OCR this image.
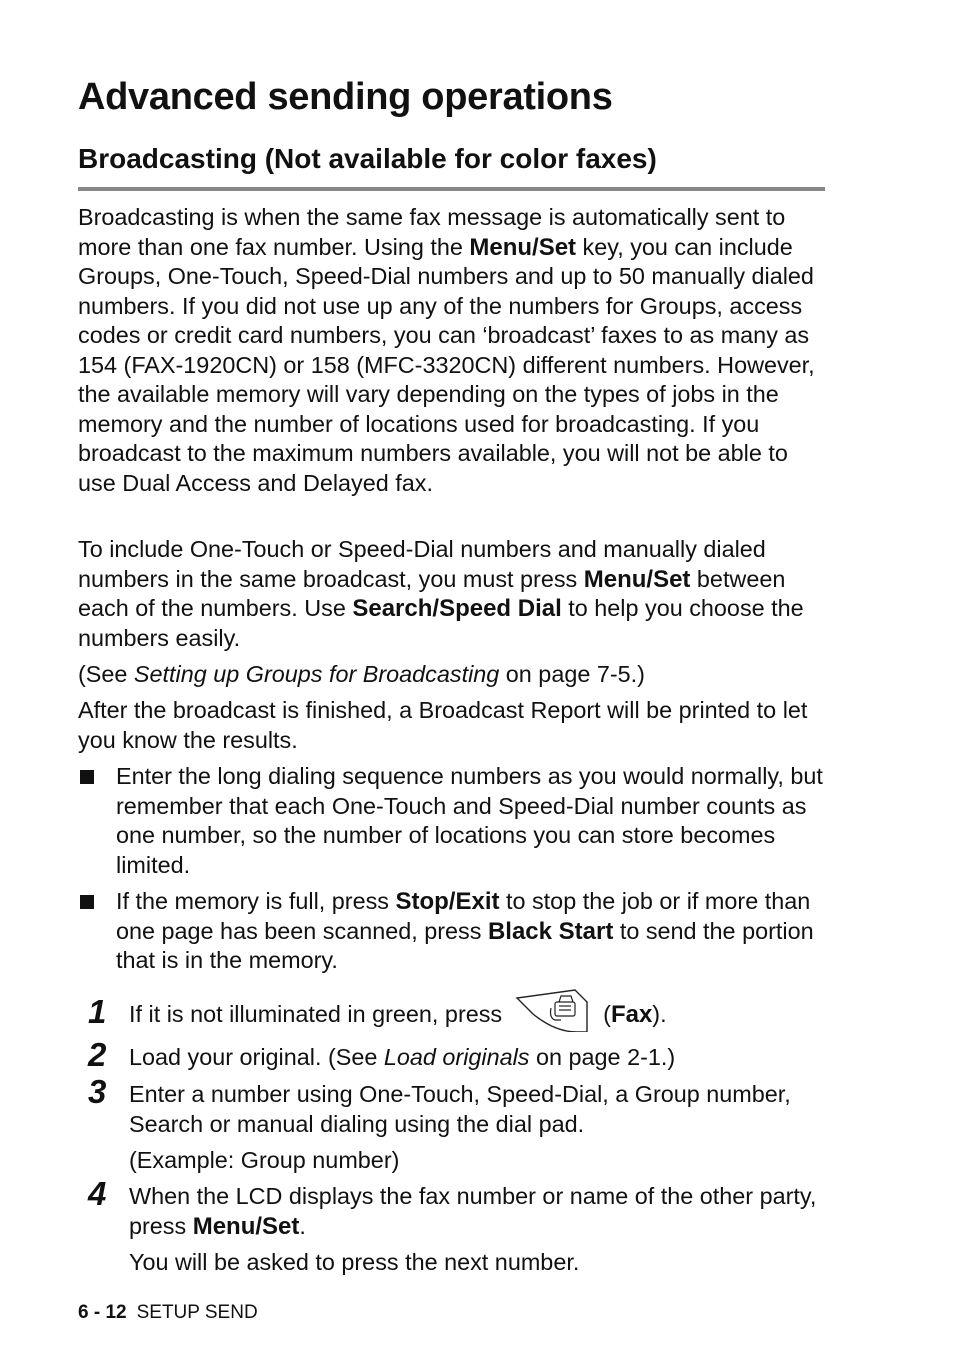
Advanced sending operations
Broadcasting (Not available for color faxes)

Broadcasting is when the same fax message is automatically sent to more than one fax number. Using the Menu/Set key, you can include Groups, One-Touch, Speed-Dial numbers and up to 50 manually dialed numbers. If you did not use up any of the numbers for Groups, access codes or credit card numbers, you can ‘broadcast’ faxes to as many as 154 (FAX-1920CN) or 158 (MFC-3320CN) different numbers. However, the available memory will vary depending on the types of jobs in the memory and the number of locations used for broadcasting. If you broadcast to the maximum numbers available, you will not be able to use Dual Access and Delayed fax.

To include One-Touch or Speed-Dial numbers and manually dialed numbers in the same broadcast, you must press Menu/Set between each of the numbers. Use Search/Speed Dial to help you choose the numbers easily.

(See Setting up Groups for Broadcasting on page 7-5.)

After the broadcast is finished, a Broadcast Report will be printed to let you know the results.

Enter the long dialing sequence numbers as you would normally, but remember that each One-Touch and Speed-Dial number counts as one number, so the number of locations you can store becomes limited.

If the memory is full, press Stop/Exit to stop the job or if more than one page has been scanned, press Black Start to send the portion that is in the memory.

1 If it is not illuminated in green, press	(Fax).

2 Load your original. (See Load originals on page 2-1.)

3 Enter a number using One-Touch, Speed-Dial, a Group number, Search or manual dialing using the dial pad.

(Example: Group number)

4 When the LCD displays the fax number or name of the other party, press Menu/Set.

You will be asked to press the next number.

6 - 12 SETUP SEND
